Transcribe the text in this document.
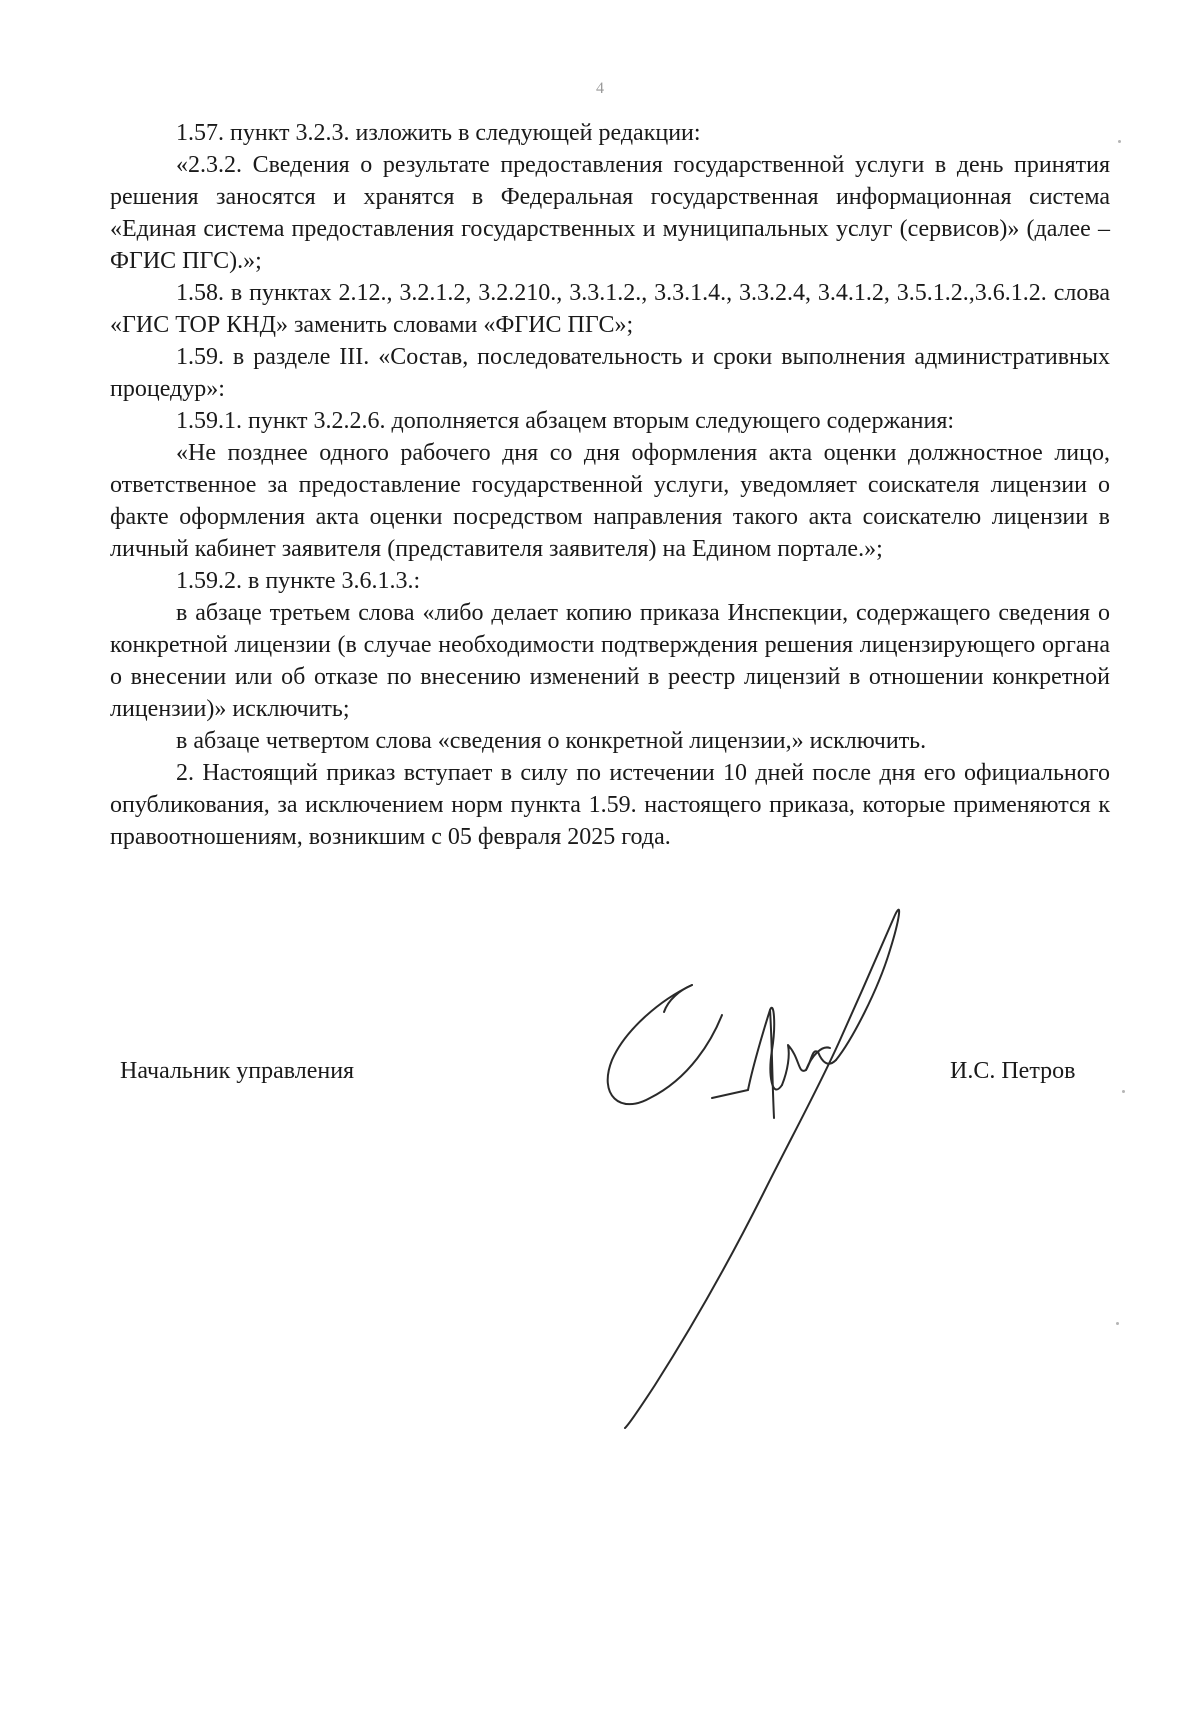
4

1.57. пункт 3.2.3. изложить в следующей редакции:

«2.3.2. Сведения о результате предоставления государственной услуги в день принятия решения заносятся и хранятся в Федеральная государственная информационная система «Единая система предоставления государственных и муниципальных услуг (сервисов)» (далее – ФГИС ПГС).»;

1.58. в пунктах 2.12., 3.2.1.2, 3.2.210., 3.3.1.2., 3.3.1.4., 3.3.2.4, 3.4.1.2, 3.5.1.2.,3.6.1.2. слова «ГИС ТОР КНД» заменить словами «ФГИС ПГС»;

1.59. в разделе III. «Состав, последовательность и сроки выполнения административных процедур»:

1.59.1. пункт 3.2.2.6. дополняется абзацем вторым следующего содержания:

«Не позднее одного рабочего дня со дня оформления акта оценки должностное лицо, ответственное за предоставление государственной услуги, уведомляет соискателя лицензии о факте оформления акта оценки посредством направления такого акта соискателю лицензии в личный кабинет заявителя (представителя заявителя) на Едином портале.»;

1.59.2. в пункте 3.6.1.3.:

в абзаце третьем слова «либо делает копию приказа Инспекции, содержащего сведения о конкретной лицензии (в случае необходимости подтверждения решения лицензирующего органа о внесении или об отказе по внесению изменений в реестр лицензий в отношении конкретной лицензии)» исключить;

в абзаце четвертом слова «сведения о конкретной лицензии,» исключить.

2. Настоящий приказ вступает в силу по истечении 10 дней после дня его официального опубликования, за исключением норм пункта 1.59. настоящего приказа, которые применяются к правоотношениям, возникшим с 05 февраля 2025 года.

Начальник управления	И.С. Петров
